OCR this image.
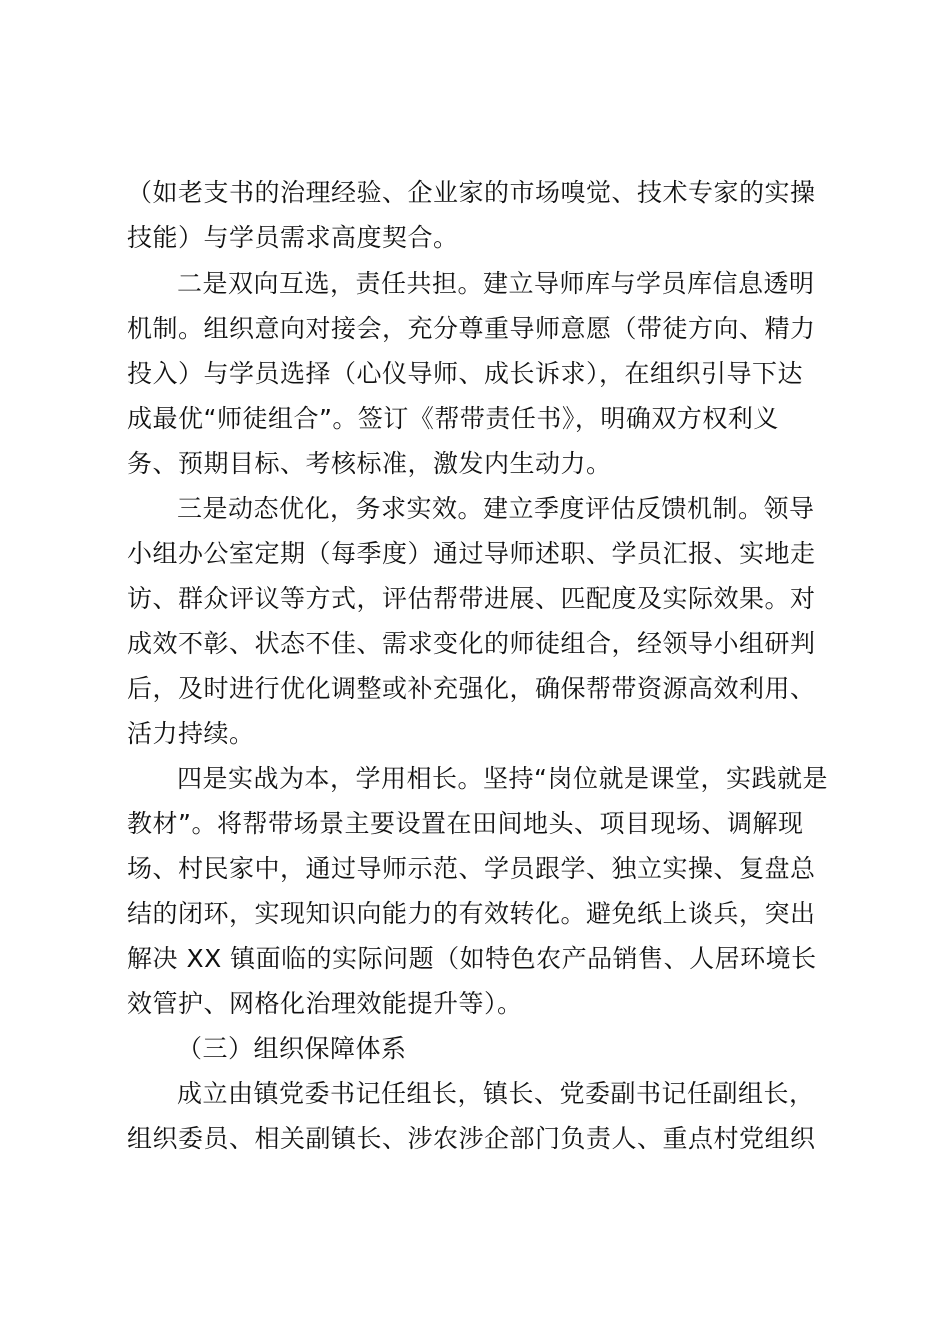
（如老支书的治理经验、企业家的市场嗅觉、技术专家的实操
技能）与学员需求高度契合。
二是双向互选，责任共担。建立导师库与学员库信息透明
机制。组织意向对接会，充分尊重导师意愿（带徒方向、精力
投入）与学员选择（心仪导师、成长诉求），在组织引导下达
成最优“师徒组合”。签订《帮带责任书》，明确双方权利义
务、预期目标、考核标准，激发内生动力。
三是动态优化，务求实效。建立季度评估反馈机制。领导
小组办公室定期（每季度）通过导师述职、学员汇报、实地走
访、群众评议等方式，评估帮带进展、匹配度及实际效果。对
成效不彰、状态不佳、需求变化的师徒组合，经领导小组研判
后，及时进行优化调整或补充强化，确保帮带资源高效利用、
活力持续。
四是实战为本，学用相长。坚持“岗位就是课堂，实践就是
教材”。将帮带场景主要设置在田间地头、项目现场、调解现
场、村民家中，通过导师示范、学员跟学、独立实操、复盘总
结的闭环，实现知识向能力的有效转化。避免纸上谈兵，突出
解决 XX 镇面临的实际问题（如特色农产品销售、人居环境长
效管护、网格化治理效能提升等）。
（三）组织保障体系
成立由镇党委书记任组长，镇长、党委副书记任副组长，
组织委员、相关副镇长、涉农涉企部门负责人、重点村党组织
